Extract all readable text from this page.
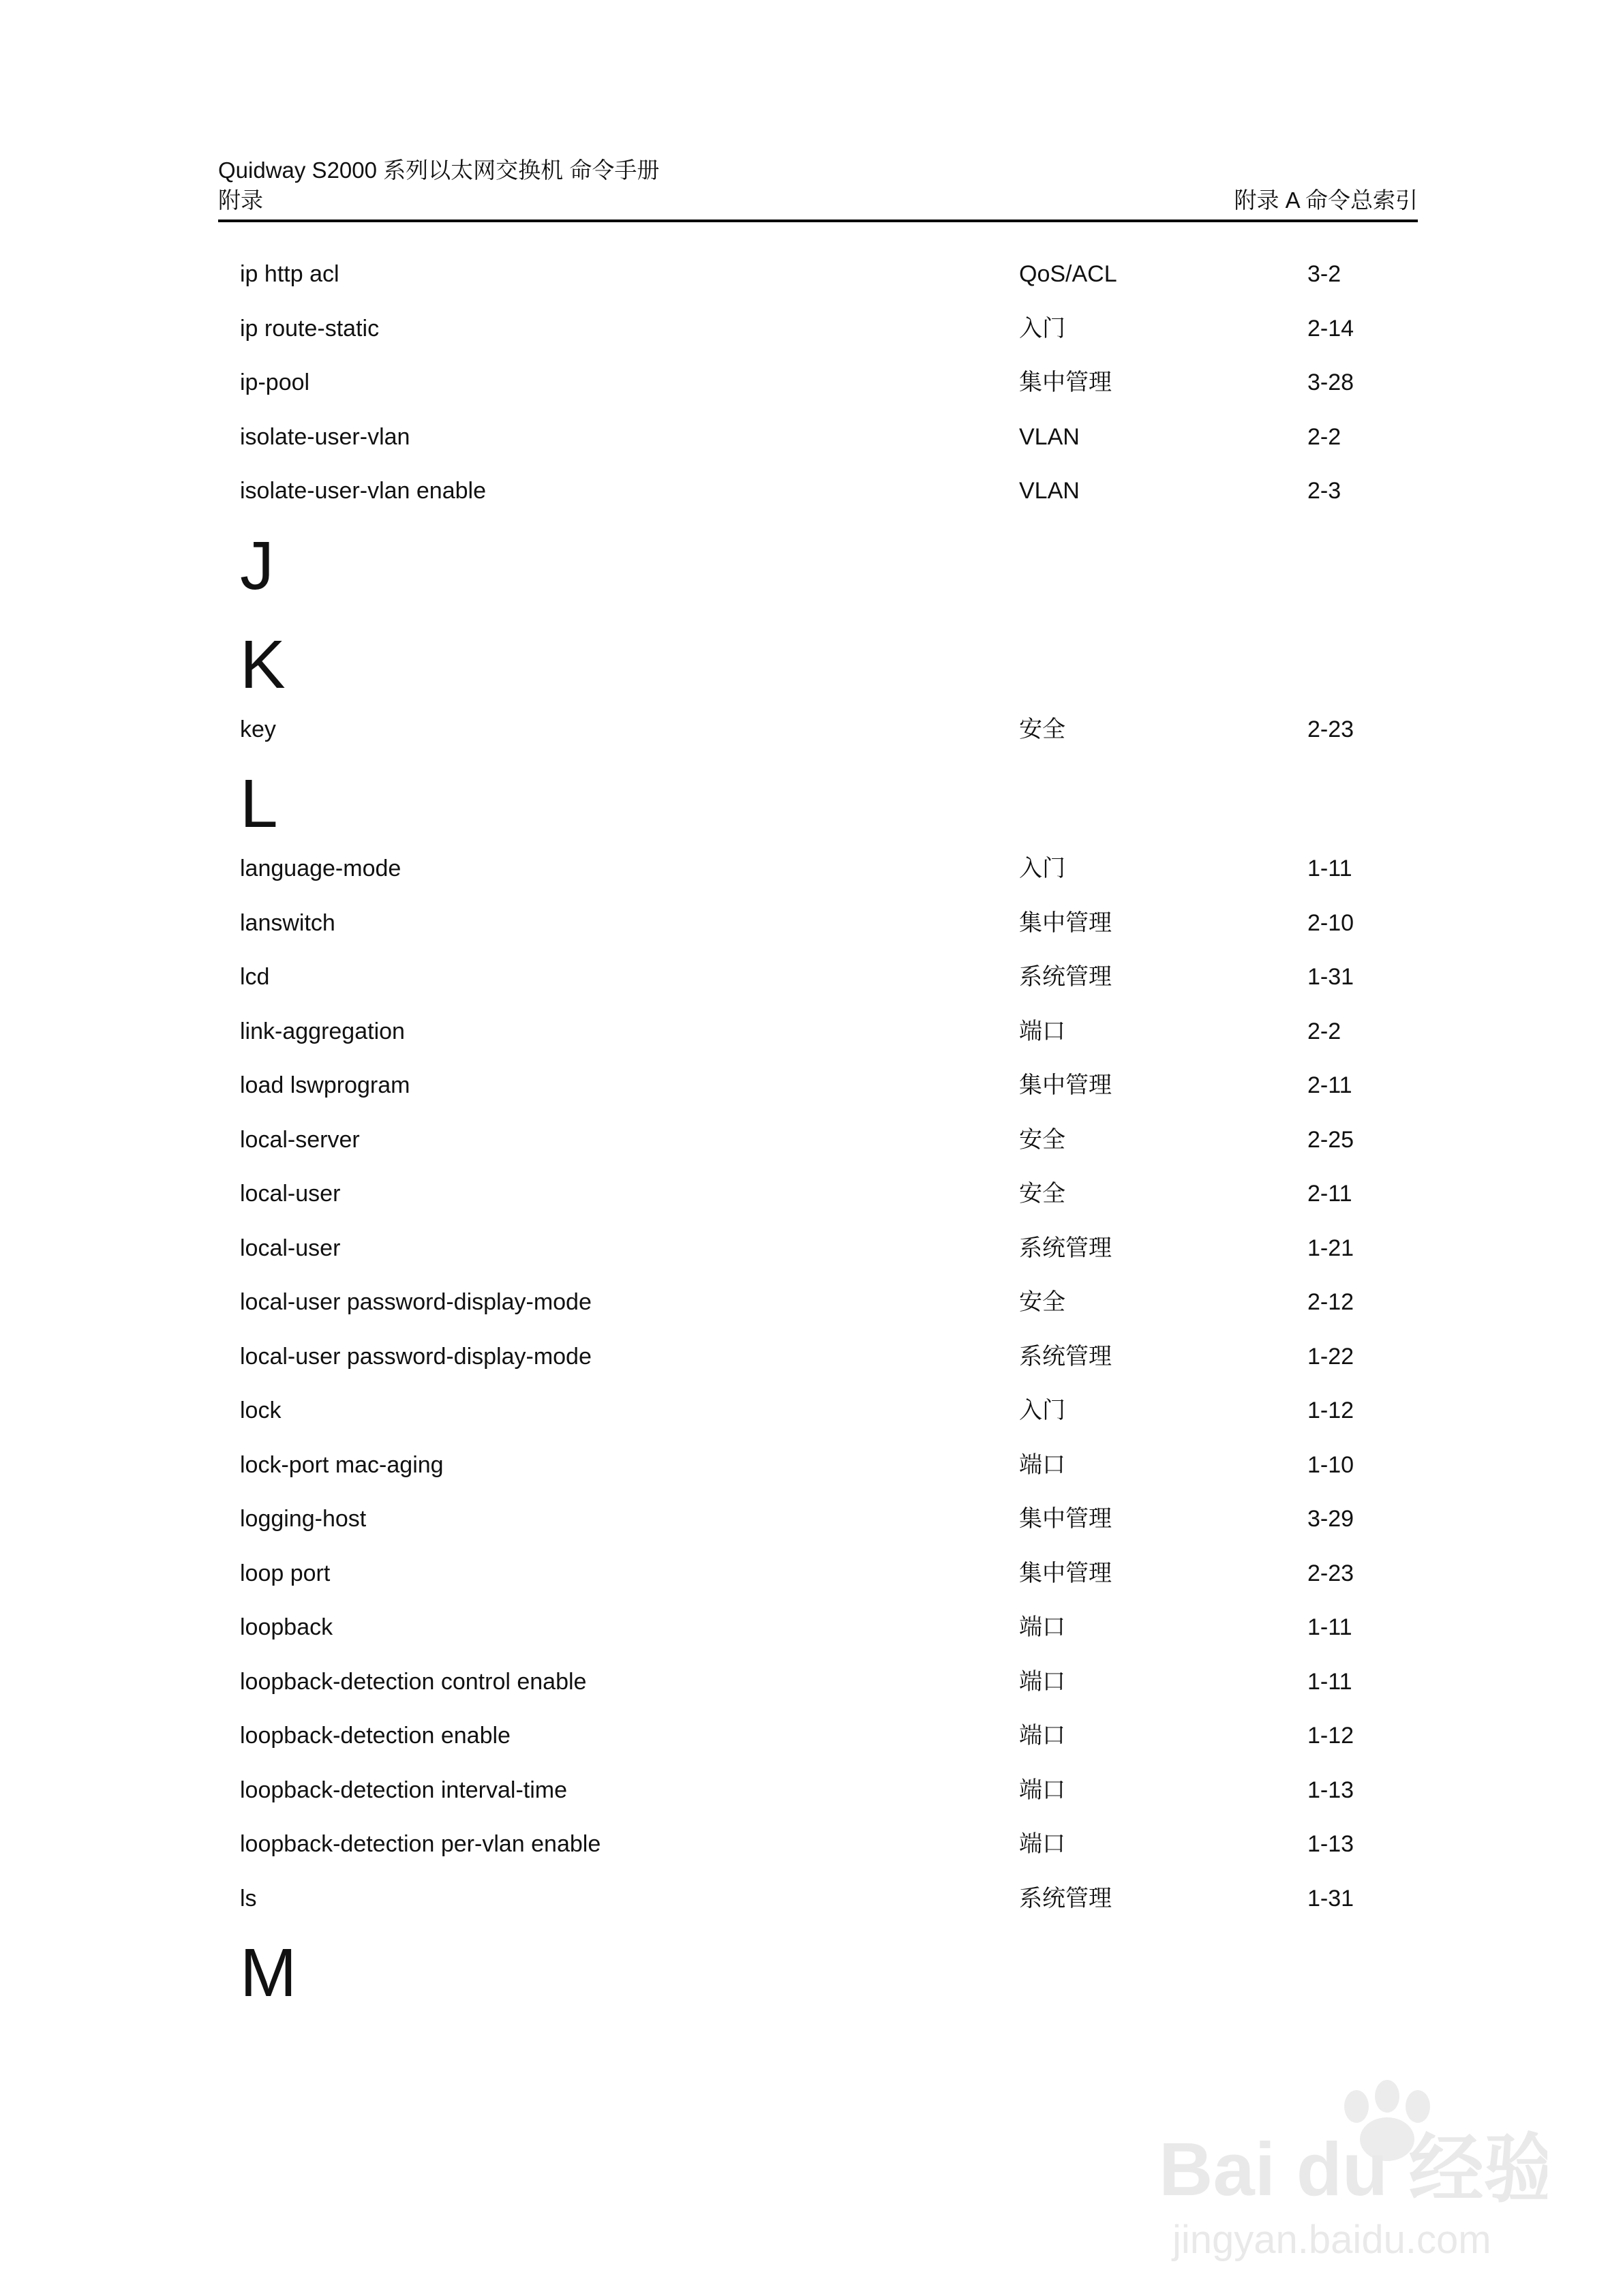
Quidway S2000 系列以太网交换机 命令手册
附录	附录 A 命令总索引
ip http acl	QoS/ACL	3-2
ip route-static	入门	2-14
ip-pool	集中管理	3-28
isolate-user-vlan	VLAN	2-2
isolate-user-vlan enable	VLAN	2-3
J
K
key	安全	2-23
L
language-mode	入门	1-11
lanswitch	集中管理	2-10
lcd	系统管理	1-31
link-aggregation	端口	2-2
load lswprogram	集中管理	2-11
local-server	安全	2-25
local-user	安全	2-11
local-user	系统管理	1-21
local-user password-display-mode	安全	2-12
local-user password-display-mode	系统管理	1-22
lock	入门	1-12
lock-port mac-aging	端口	1-10
logging-host	集中管理	3-29
loop port	集中管理	2-23
loopback	端口	1-11
loopback-detection control enable	端口	1-11
loopback-detection enable	端口	1-12
loopback-detection interval-time	端口	1-13
loopback-detection per-vlan enable	端口	1-13
ls	系统管理	1-31
M
Bai du 经验
jingyan.baidu.com
